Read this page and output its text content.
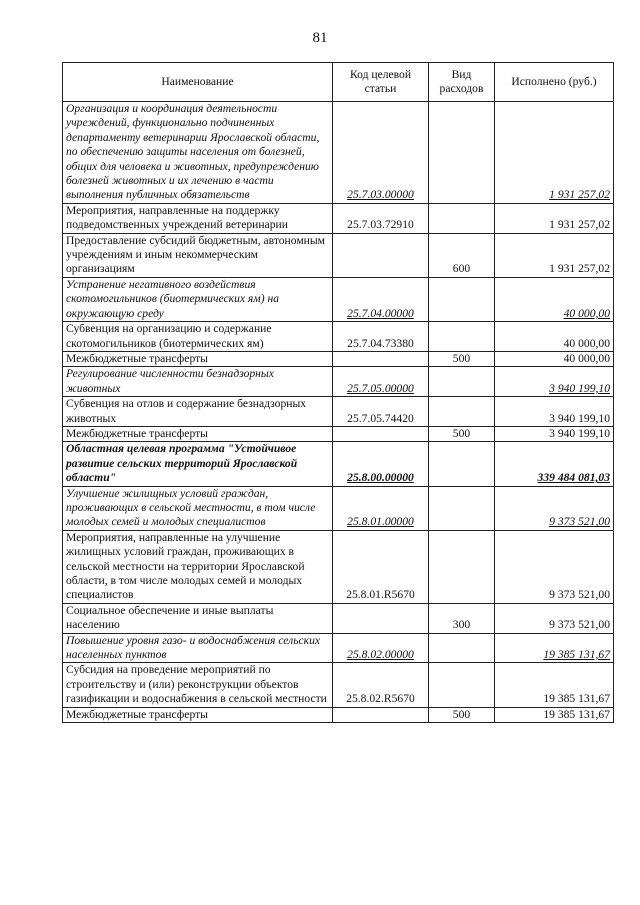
81
Наименование	Код целевой статьи	Вид расходов	Исполнено (руб.)
Организация и координация деятельности учреждений, функционально подчиненных департаменту ветеринарии Ярославской области, по обеспечению защиты населения от болезней, общих для человека и животных, предупреждению болезней животных и их лечению в части выполнения публичных обязательств	25.7.03.00000		1 931 257,02
Мероприятия, направленные на поддержку подведомственных учреждений ветеринарии	25.7.03.72910		1 931 257,02
Предоставление субсидий бюджетным, автономным учреждениям и иным некоммерческим организациям		600	1 931 257,02
Устранение негативного воздействия скотомогильников (биотермических ям) на окружающую среду	25.7.04.00000		40 000,00
Субвенция на организацию и содержание скотомогильников (биотермических ям)	25.7.04.73380		40 000,00
Межбюджетные трансферты		500	40 000,00
Регулирование численности безнадзорных животных	25.7.05.00000		3 940 199,10
Субвенция на отлов и содержание безнадзорных животных	25.7.05.74420		3 940 199,10
Межбюджетные трансферты		500	3 940 199,10
Областная целевая программа "Устойчивое развитие сельских территорий Ярославской области"	25.8.00.00000		339 484 081,03
Улучшение жилищных условий граждан, проживающих в сельской местности, в том числе молодых семей и молодых специалистов	25.8.01.00000		9 373 521,00
Мероприятия, направленные на улучшение жилищных условий граждан, проживающих в сельской местности на территории Ярославской области, в том числе молодых семей и молодых специалистов	25.8.01.R5670		9 373 521,00
Социальное обеспечение и иные выплаты населению		300	9 373 521,00
Повышение уровня газо- и водоснабжения сельских населенных пунктов	25.8.02.00000		19 385 131,67
Субсидия на проведение мероприятий по строительству и (или) реконструкции объектов газификации и водоснабжения в сельской местности	25.8.02.R5670		19 385 131,67
Межбюджетные трансферты		500	19 385 131,67
